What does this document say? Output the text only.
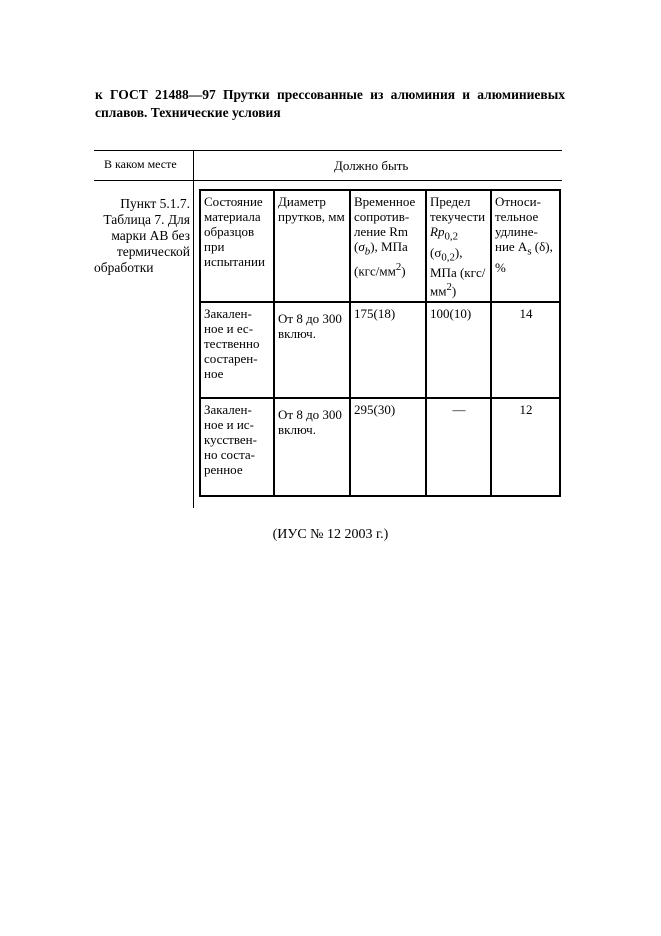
к ГОСТ 21488—97 Прутки прессованные из алюминия и алюминиевых сплавов. Технические условия
В каком месте	Должно быть
Пункт 5.1.7.
Таблица 7. Для
марки АВ без
термической
обработки
Состояние материала образцов при испытании	Диаметр прутков, мм	Временное сопротив- ление Rm $(\sigma_b)$, МПа $(кгс/мм^2)$	Предел текучести $Rp_{0,2}$ $(\sigma_{0,2})$, МПа $(кгс/мм^2)$	Относи- тельное удлине- ние $A_s$ (δ), %
Закален- ное и ес- тественно состарен- ное	От 8 до 300 включ.	175(18)	100(10)	14
Закален- ное и ис- кусствен- но соста- ренное	От 8 до 300 включ.	295(30)	—	12
(ИУС № 12 2003 г.)
